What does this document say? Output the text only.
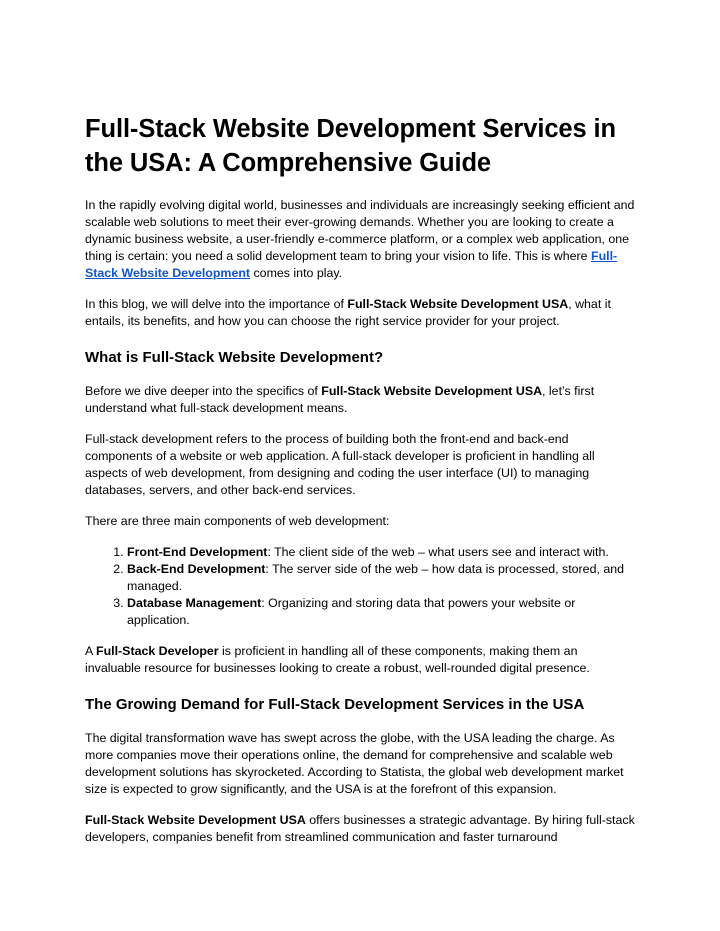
Full-Stack Website Development Services in the USA: A Comprehensive Guide

In the rapidly evolving digital world, businesses and individuals are increasingly seeking efficient and scalable web solutions to meet their ever-growing demands. Whether you are looking to create a dynamic business website, a user-friendly e-commerce platform, or a complex web application, one thing is certain: you need a solid development team to bring your vision to life. This is where Full-Stack Website Development comes into play.

In this blog, we will delve into the importance of Full-Stack Website Development USA, what it entails, its benefits, and how you can choose the right service provider for your project.

What is Full-Stack Website Development?

Before we dive deeper into the specifics of Full-Stack Website Development USA, let’s first understand what full-stack development means.

Full-stack development refers to the process of building both the front-end and back-end components of a website or web application. A full-stack developer is proficient in handling all aspects of web development, from designing and coding the user interface (UI) to managing databases, servers, and other back-end services.

There are three main components of web development:

1. Front-End Development: The client side of the web – what users see and interact with.
2. Back-End Development: The server side of the web – how data is processed, stored, and managed.
3. Database Management: Organizing and storing data that powers your website or application.

A Full-Stack Developer is proficient in handling all of these components, making them an invaluable resource for businesses looking to create a robust, well-rounded digital presence.

The Growing Demand for Full-Stack Development Services in the USA

The digital transformation wave has swept across the globe, with the USA leading the charge. As more companies move their operations online, the demand for comprehensive and scalable web development solutions has skyrocketed. According to Statista, the global web development market size is expected to grow significantly, and the USA is at the forefront of this expansion.

Full-Stack Website Development USA offers businesses a strategic advantage. By hiring full-stack developers, companies benefit from streamlined communication and faster turnaround
